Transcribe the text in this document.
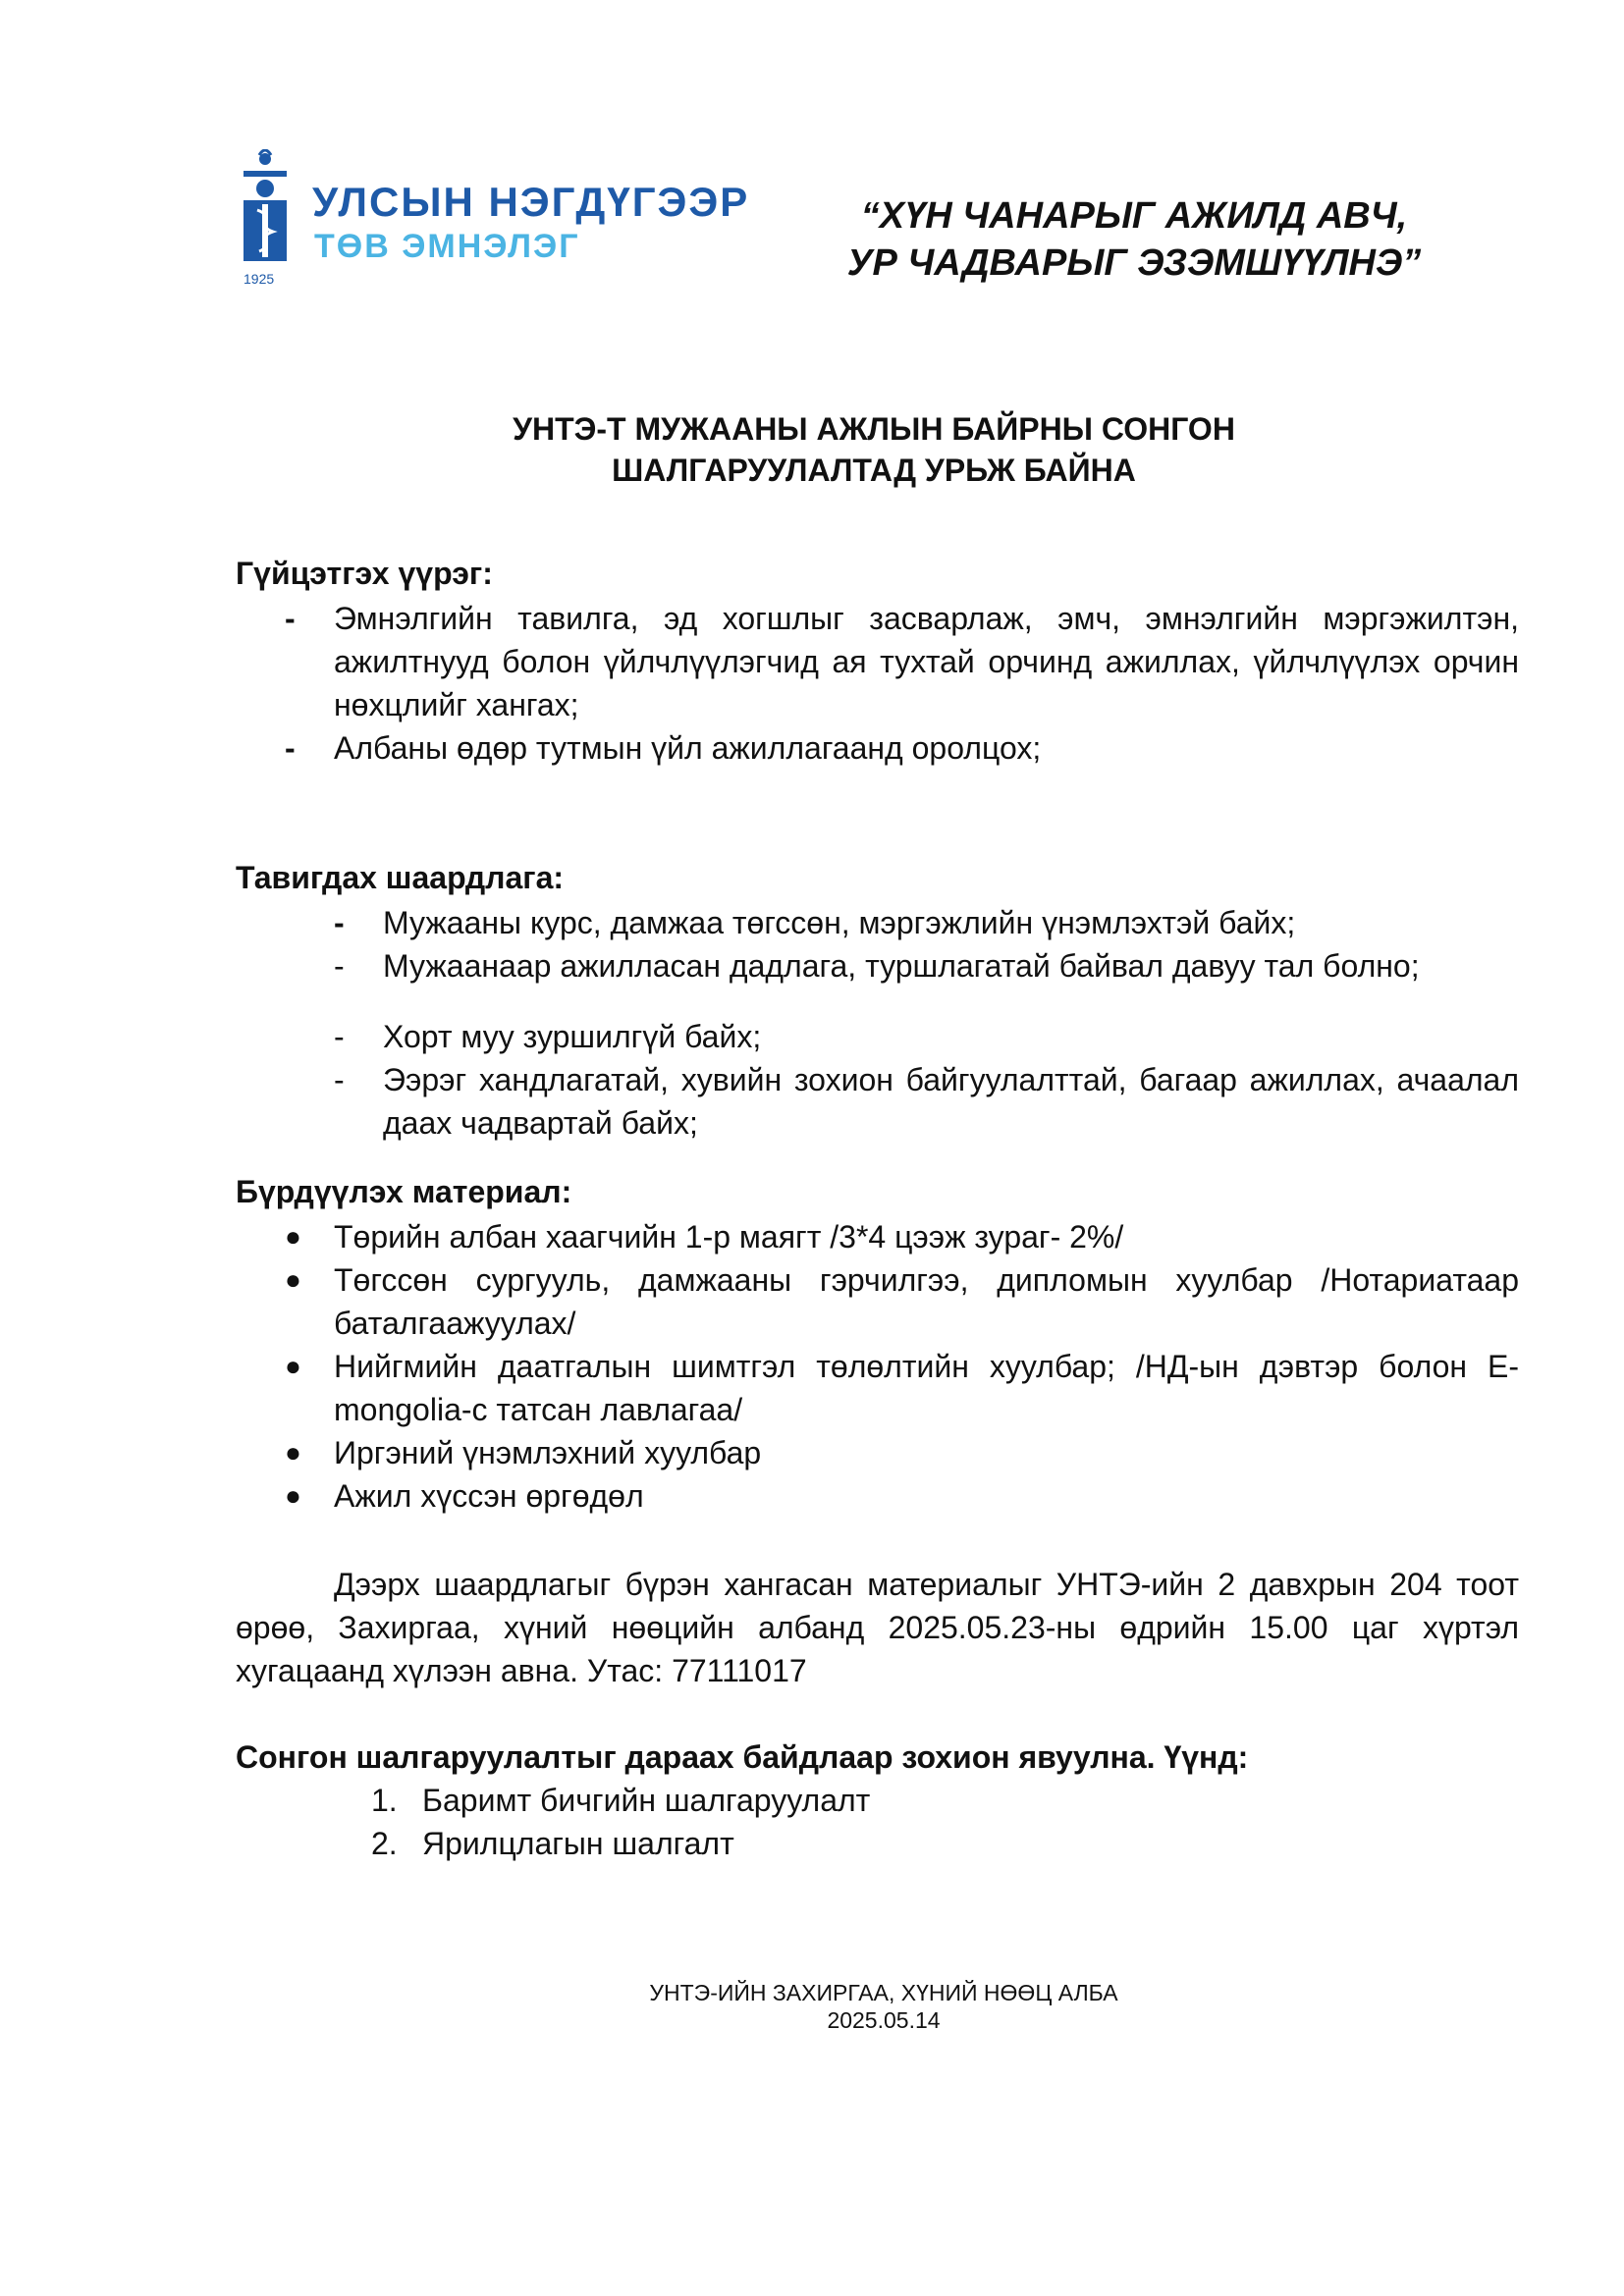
УЛСЫН НЭГДҮГЭЭР
ТӨВ ЭМНЭЛЭГ
1925
“ХҮН ЧАНАРЫГ АЖИЛД АВЧ,
УР ЧАДВАРЫГ ЭЗЭМШҮҮЛНЭ”
УНТЭ-Т МУЖААНЫ АЖЛЫН БАЙРНЫ СОНГОН
ШАЛГАРУУЛАЛТАД УРЬЖ БАЙНА
Гүйцэтгэх үүрэг:
- Эмнэлгийн тавилга, эд хогшлыг засварлаж, эмч, эмнэлгийн мэргэжилтэн, ажилтнууд болон үйлчлүүлэгчид ая тухтай орчинд ажиллах, үйлчлүүлэх орчин нөхцлийг хангах;
- Албаны өдөр тутмын үйл ажиллагаанд оролцох;
Тавигдах шаардлага:
- Мужааны курс, дамжаа төгссөн, мэргэжлийн үнэмлэхтэй байх;
- Мужаанаар ажилласан дадлага, туршлагатай байвал давуу тал болно;
- Хорт муу зуршилгүй байх;
- Ээрэг хандлагатай, хувийн зохион байгуулалттай, багаар ажиллах, ачаалал даах чадвартай байх;
Бүрдүүлэх материал:
● Төрийн албан хаагчийн 1-р маягт /3*4 цээж зураг- 2%/
● Төгссөн сургууль, дамжааны гэрчилгээ, дипломын хуулбар /Нотариатаар баталгаажуулах/
● Нийгмийн даатгалын шимтгэл төлөлтийн хуулбар; /НД-ын дэвтэр болон E-mongolia-с татсан лавлагаа/
● Иргэний үнэмлэхний хуулбар
● Ажил хүссэн өргөдөл
Дээрх шаардлагыг бүрэн хангасан материалыг УНТЭ-ийн 2 давхрын 204 тоот өрөө, Захиргаа, хүний нөөцийн албанд 2025.05.23-ны өдрийн 15.00 цаг хүртэл хугацаанд хүлээн авна. Утас: 77111017
Сонгон шалгаруулалтыг дараах байдлаар зохион явуулна. Үүнд:
1. Баримт бичгийн шалгаруулалт
2. Ярилцлагын шалгалт
УНТЭ-ИЙН ЗАХИРГАА, ХҮНИЙ НӨӨЦ АЛБА
2025.05.14
